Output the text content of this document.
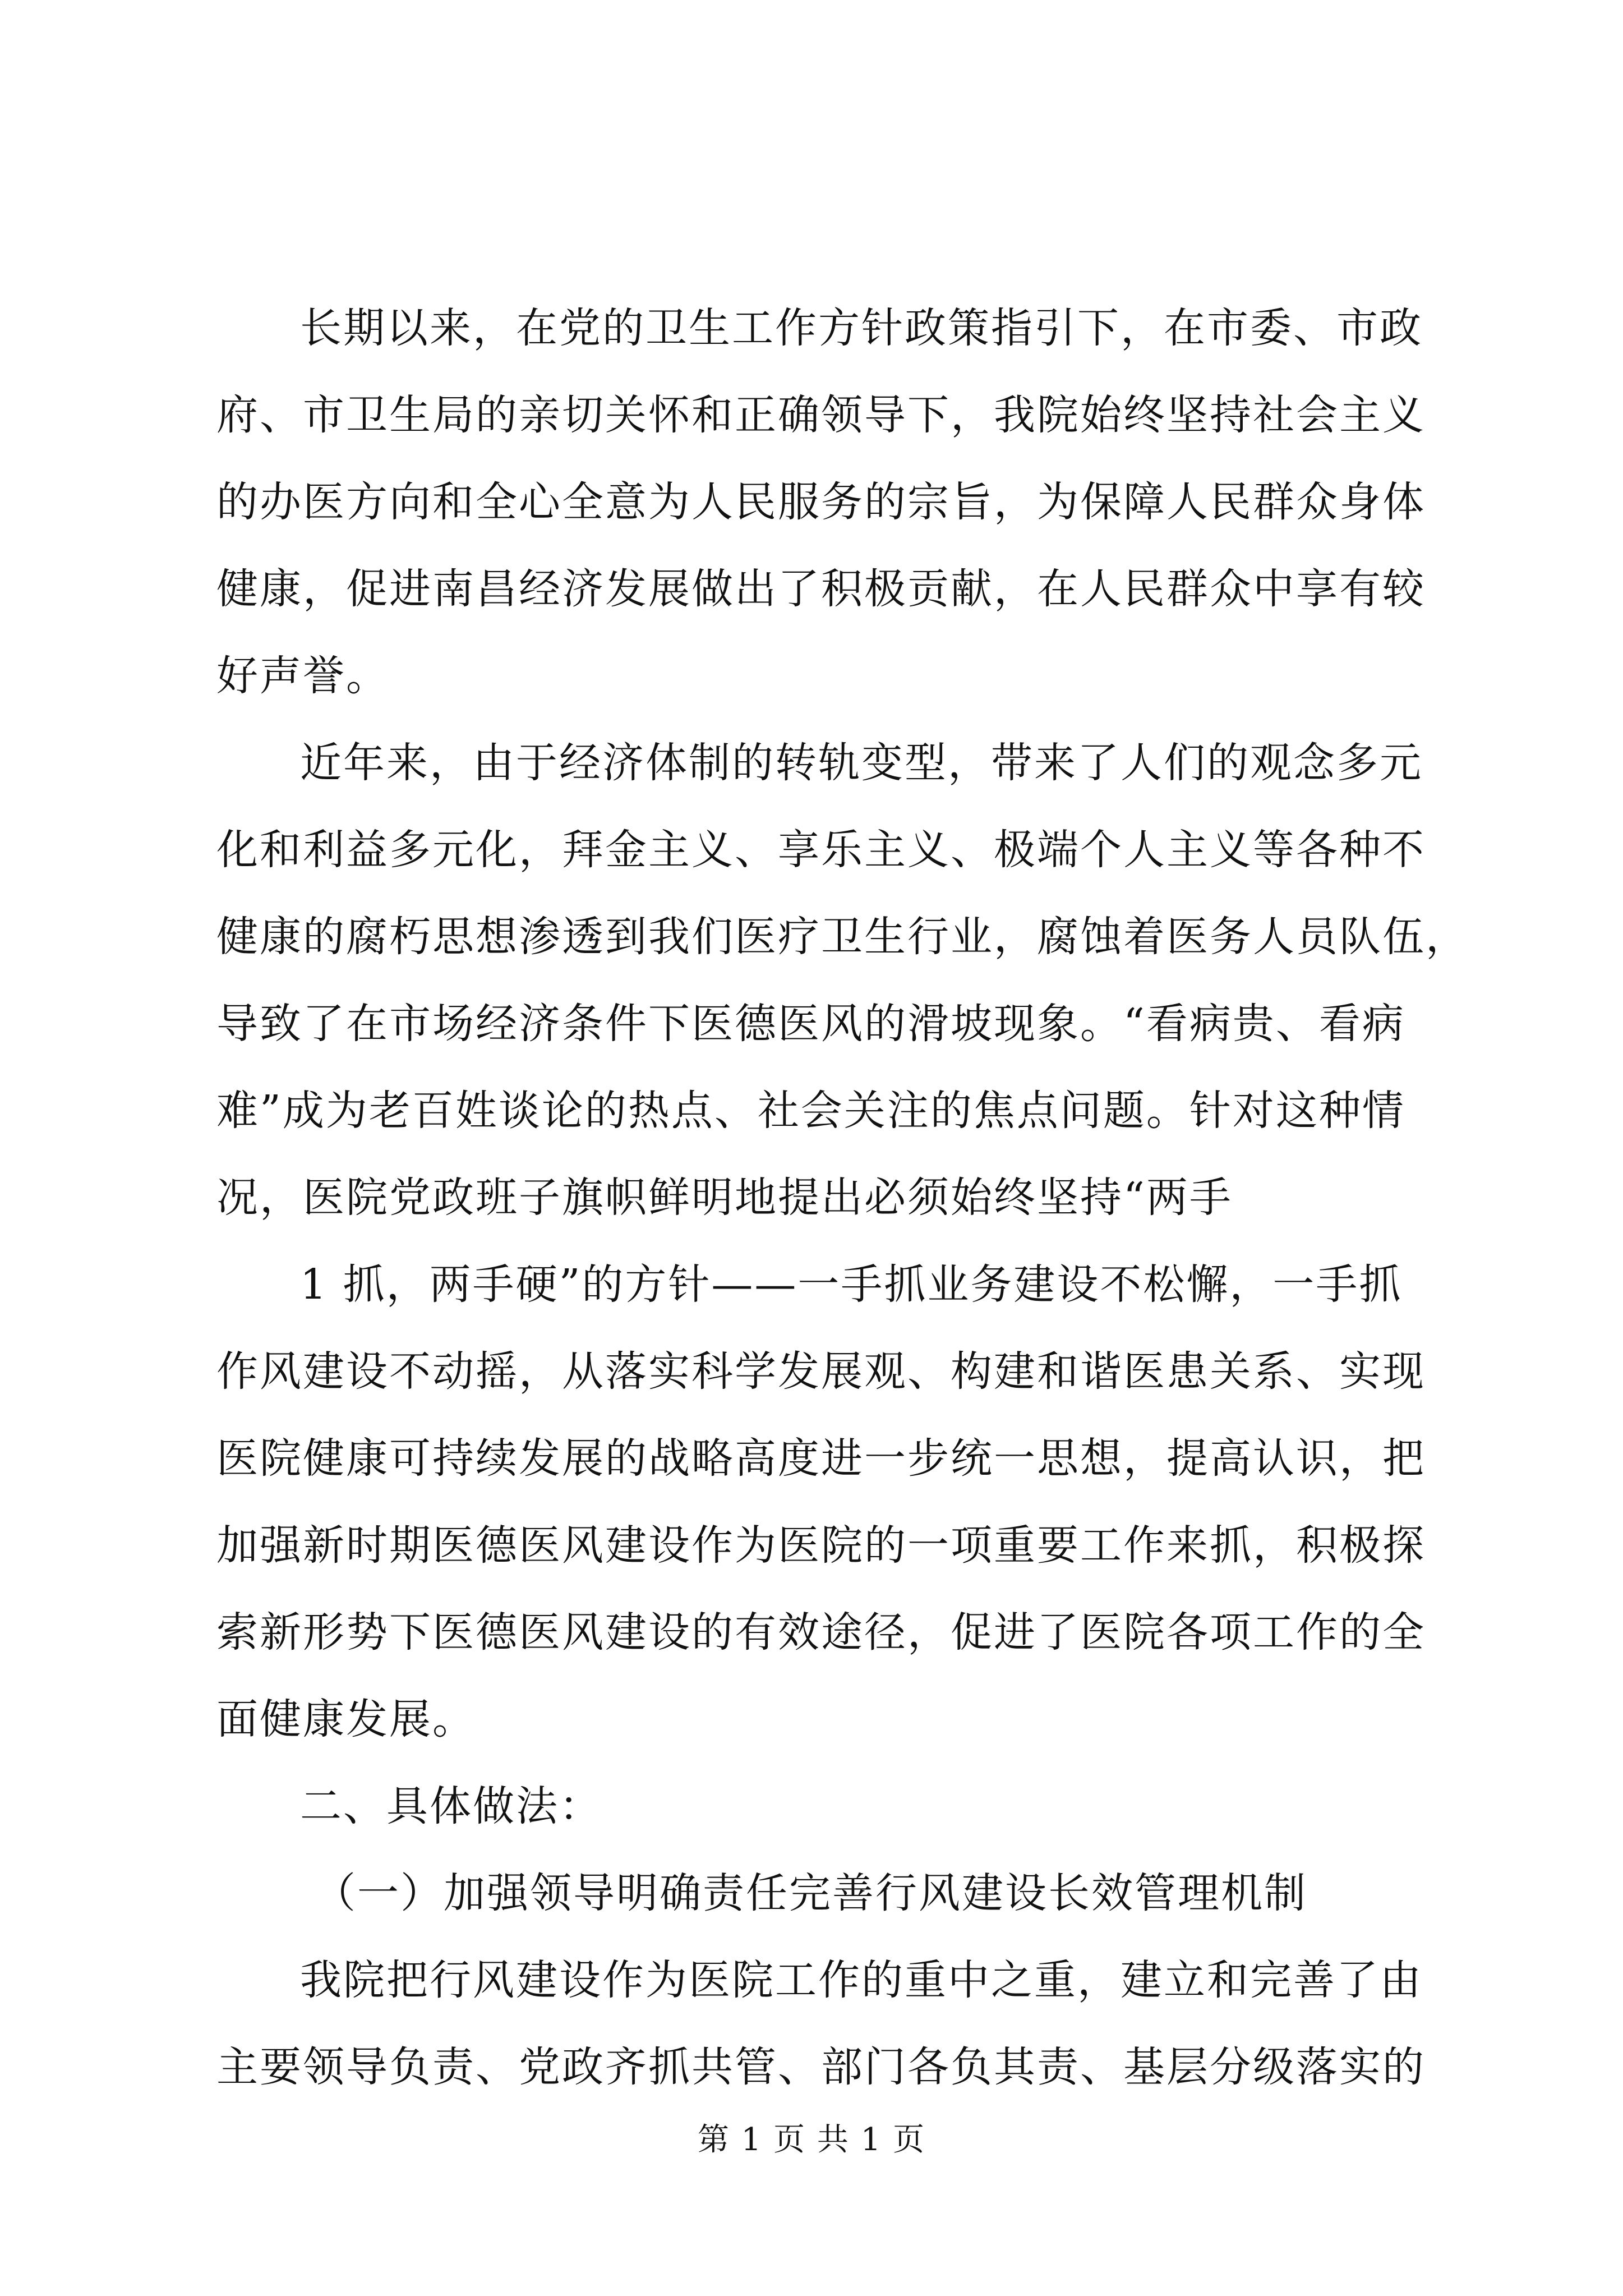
长期以来，在党的卫生工作方针政策指引下，在市委、市政
府、市卫生局的亲切关怀和正确领导下，我院始终坚持社会主义
的办医方向和全心全意为人民服务的宗旨，为保障人民群众身体
健康，促进南昌经济发展做出了积极贡献，在人民群众中享有较
好声誉。
近年来，由于经济体制的转轨变型，带来了人们的观念多元
化和利益多元化，拜金主义、享乐主义、极端个人主义等各种不
健康的腐朽思想渗透到我们医疗卫生行业，腐蚀着医务人员队伍，
导致了在市场经济条件下医德医风的滑坡现象。“看病贵、看病
难”成为老百姓谈论的热点、社会关注的焦点问题。针对这种情
况，医院党政班子旗帜鲜明地提出必须始终坚持“两手
1 抓，两手硬”的方针——一手抓业务建设不松懈，一手抓
作风建设不动摇，从落实科学发展观、构建和谐医患关系、实现
医院健康可持续发展的战略高度进一步统一思想，提高认识，把
加强新时期医德医风建设作为医院的一项重要工作来抓，积极探
索新形势下医德医风建设的有效途径，促进了医院各项工作的全
面健康发展。
二、具体做法：
（一）加强领导明确责任完善行风建设长效管理机制
我院把行风建设作为医院工作的重中之重，建立和完善了由
主要领导负责、党政齐抓共管、部门各负其责、基层分级落实的
第 1 页 共 1 页
